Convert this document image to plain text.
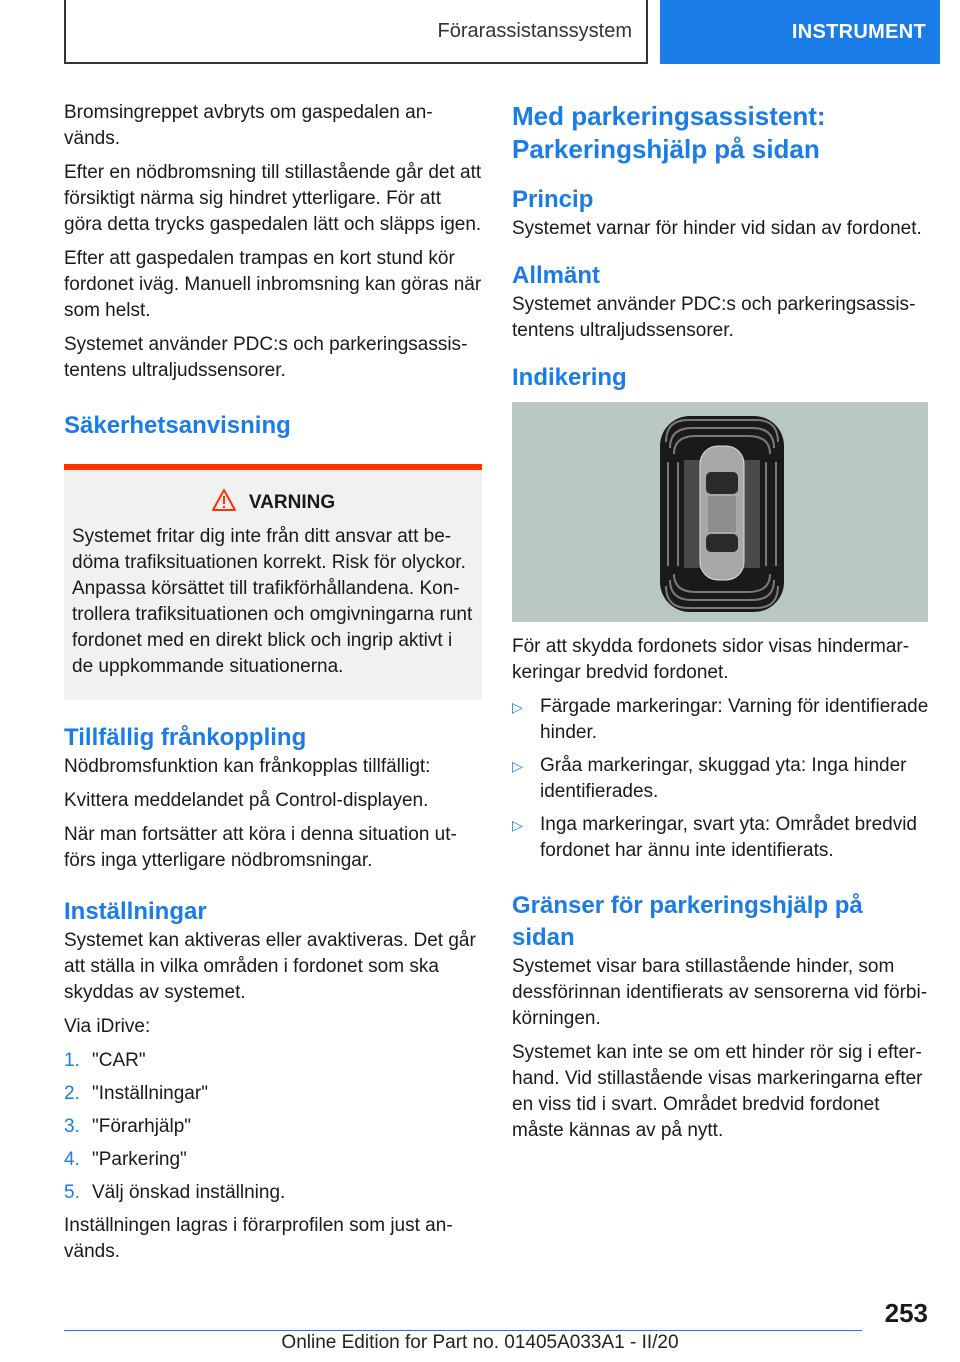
Förarassistanssystem	INSTRUMENT

Bromsingreppet avbryts om gaspedalen används.

Efter en nödbromsning till stillastående går det att försiktigt närma sig hindret ytterligare. För att göra detta trycks gaspedalen lätt och släpps igen.

Efter att gaspedalen trampas en kort stund kör fordonet iväg. Manuell inbromsning kan göras när som helst.

Systemet använder PDC:s och parkeringsassistentens ultraljudssensorer.

Säkerhetsanvisning
VARNING

Systemet fritar dig inte från ditt ansvar att bedöma trafiksituationen korrekt. Risk för olyckor. Anpassa körsättet till trafikförhållandena. Kontrollera trafiksituationen och omgivningarna runt fordonet med en direkt blick och ingrip aktivt i de uppkommande situationerna.

Tillfällig frånkoppling

Nödbromsfunktion kan frånkopplas tillfälligt:

Kvittera meddelandet på Control-displayen.

När man fortsätter att köra i denna situation utförs inga ytterligare nödbromsningar.

Inställningar

Systemet kan aktiveras eller avaktiveras. Det går att ställa in vilka områden i fordonet som ska skyddas av systemet.

Via iDrive:

1. "CAR"
2. "Inställningar"
3. "Förarhjälp"
4. "Parkering"
5. Välj önskad inställning.

Inställningen lagras i förarprofilen som just används.

Med parkeringsassistent: Parkeringshjälp på sidan
Princip

Systemet varnar för hinder vid sidan av fordonet.

Allmänt

Systemet använder PDC:s och parkeringsassistentens ultraljudssensorer.

Indikering

För att skydda fordonets sidor visas hindermarkeringar bredvid fordonet.

▷ Färgade markeringar: Varning för identifierade hinder.
▷ Gråa markeringar, skuggad yta: Inga hinder identifierades.
▷ Inga markeringar, svart yta: Området bredvid fordonet har ännu inte identifierats.
Gränser för parkeringshjälp på sidan

Systemet visar bara stillastående hinder, som dessförinnan identifierats av sensorerna vid förbikörningen.

Systemet kan inte se om ett hinder rör sig i efterhand. Vid stillastående visas markeringarna efter en viss tid i svart. Området bredvid fordonet måste kännas av på nytt.

253
Online Edition for Part no. 01405A033A1 - II/20
